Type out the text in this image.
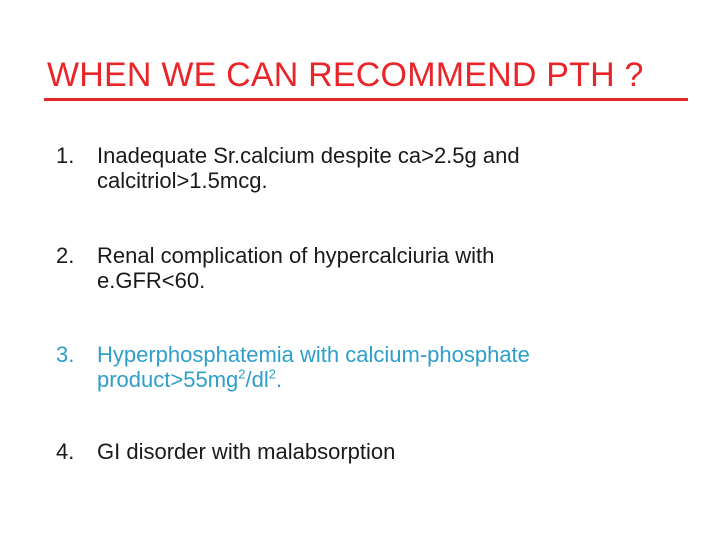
WHEN WE CAN RECOMMEND PTH ?
1. Inadequate Sr.calcium despite ca>2.5g and
calcitriol>1.5mcg.
2. Renal complication of hypercalciuria with
e.GFR<60.
3. Hyperphosphatemia with calcium-phosphate
$product>55mg^2/dl^2$.
4. GI disorder with malabsorption
